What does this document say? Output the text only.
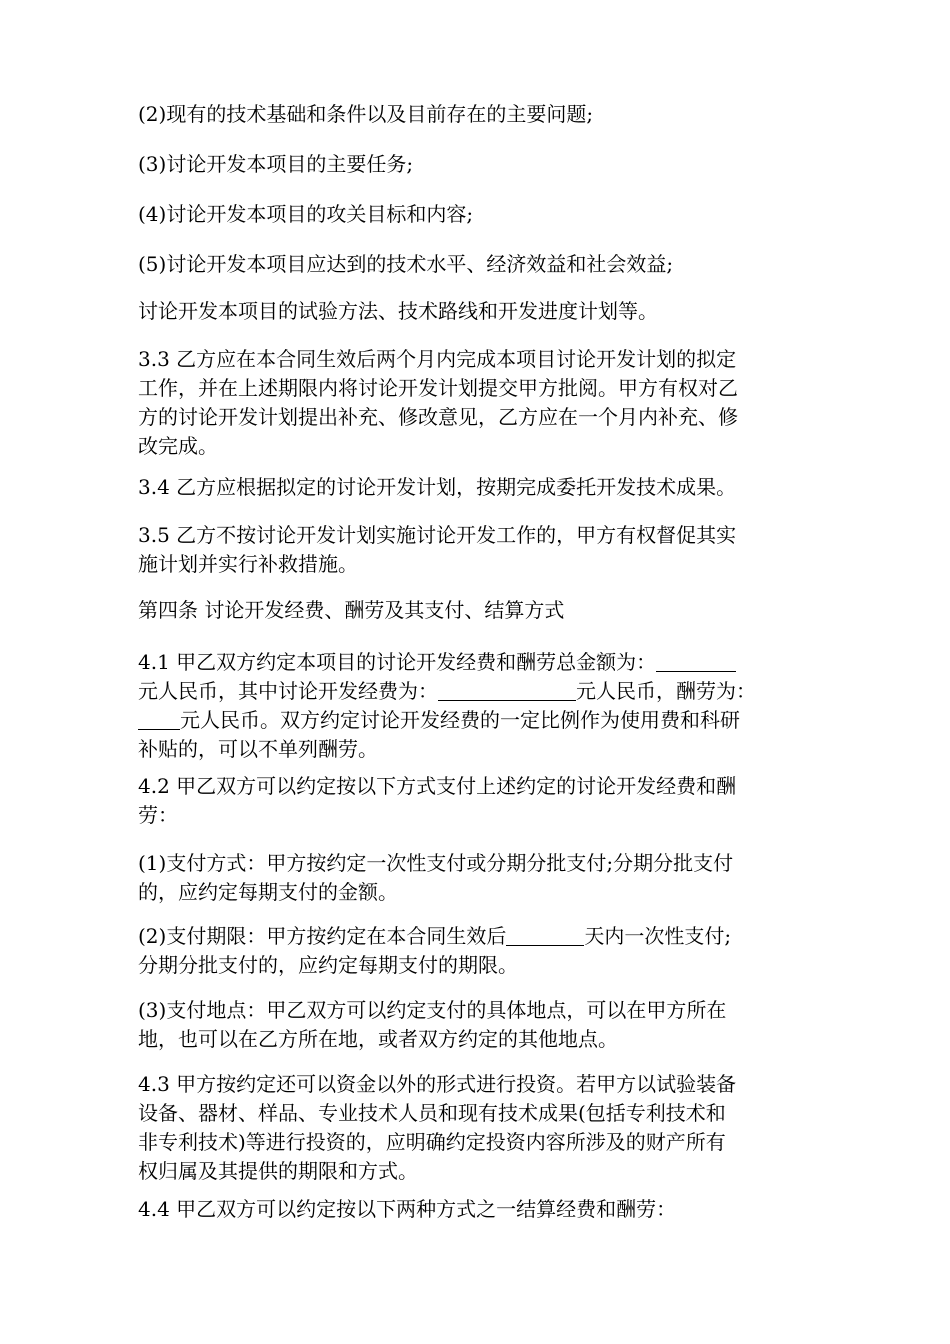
(2)现有的技术基础和条件以及目前存在的主要问题;

(3)讨论开发本项目的主要任务;

(4)讨论开发本项目的攻关目标和内容;

(5)讨论开发本项目应达到的技术水平、经济效益和社会效益;

讨论开发本项目的试验方法、技术路线和开发进度计划等。

3.3 乙方应在本合同生效后两个月内完成本项目讨论开发计划的拟定
工作，并在上述期限内将讨论开发计划提交甲方批阅。甲方有权对乙
方的讨论开发计划提出补充、修改意见，乙方应在一个月内补充、修
改完成。

3.4 乙方应根据拟定的讨论开发计划，按期完成委托开发技术成果。

3.5 乙方不按讨论开发计划实施讨论开发工作的，甲方有权督促其实
施计划并实行补救措施。

第四条 讨论开发经费、酬劳及其支付、结算方式

4.1 甲乙双方约定本项目的讨论开发经费和酬劳总金额为：
元人民币，其中讨论开发经费为：	元人民币，酬劳为：
元人民币。双方约定讨论开发经费的一定比例作为使用费和科研
补贴的，可以不单列酬劳。

4.2 甲乙双方可以约定按以下方式支付上述约定的讨论开发经费和酬
劳：

(1)支付方式：甲方按约定一次性支付或分期分批支付;分期分批支付
的，应约定每期支付的金额。

(2)支付期限：甲方按约定在本合同生效后	天内一次性支付;
分期分批支付的，应约定每期支付的期限。

(3)支付地点：甲乙双方可以约定支付的具体地点，可以在甲方所在
地，也可以在乙方所在地，或者双方约定的其他地点。

4.3 甲方按约定还可以资金以外的形式进行投资。若甲方以试验装备
设备、器材、样品、专业技术人员和现有技术成果(包括专利技术和
非专利技术)等进行投资的，应明确约定投资内容所涉及的财产所有
权归属及其提供的期限和方式。

4.4 甲乙双方可以约定按以下两种方式之一结算经费和酬劳：
